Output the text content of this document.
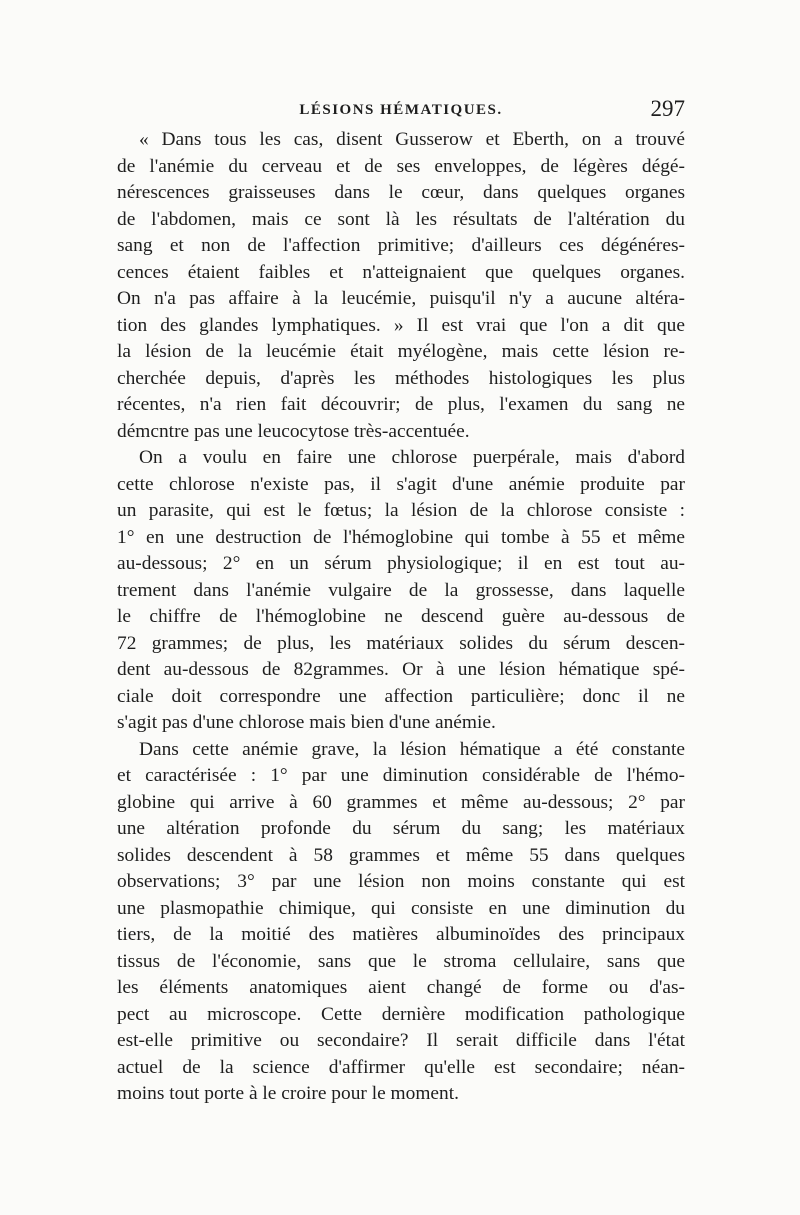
LÉSIONS HÉMATIQUES.	297
« Dans tous les cas, disent Gusserow et Eberth, on a trouvé
de l'anémie du cerveau et de ses enveloppes, de légères dégé-
nérescences graisseuses dans le cœur, dans quelques organes
de l'abdomen, mais ce sont là les résultats de l'altération du
sang et non de l'affection primitive; d'ailleurs ces dégénéres-
cences étaient faibles et n'atteignaient que quelques organes.
On n'a pas affaire à la leucémie, puisqu'il n'y a aucune altéra-
tion des glandes lymphatiques. » Il est vrai que l'on a dit que
la lésion de la leucémie était myélogène, mais cette lésion re-
cherchée depuis, d'après les méthodes histologiques les plus
récentes, n'a rien fait découvrir; de plus, l'examen du sang ne
démcntre pas une leucocytose très-accentuée.
On a voulu en faire une chlorose puerpérale, mais d'abord
cette chlorose n'existe pas, il s'agit d'une anémie produite par
un parasite, qui est le fœtus; la lésion de la chlorose consiste :
1° en une destruction de l'hémoglobine qui tombe à 55 et même
au-dessous; 2° en un sérum physiologique; il en est tout au-
trement dans l'anémie vulgaire de la grossesse, dans laquelle
le chiffre de l'hémoglobine ne descend guère au-dessous de
72 grammes; de plus, les matériaux solides du sérum descen-
dent au-dessous de 82grammes. Or à une lésion hématique spé-
ciale doit correspondre une affection particulière; donc il ne
s'agit pas d'une chlorose mais bien d'une anémie.
Dans cette anémie grave, la lésion hématique a été constante
et caractérisée : 1° par une diminution considérable de l'hémo-
globine qui arrive à 60 grammes et même au-dessous; 2° par
une altération profonde du sérum du sang; les matériaux
solides descendent à 58 grammes et même 55 dans quelques
observations; 3° par une lésion non moins constante qui est
une plasmopathie chimique, qui consiste en une diminution du
tiers, de la moitié des matières albuminoïdes des principaux
tissus de l'économie, sans que le stroma cellulaire, sans que
les éléments anatomiques aient changé de forme ou d'as-
pect au microscope. Cette dernière modification pathologique
est-elle primitive ou secondaire? Il serait difficile dans l'état
actuel de la science d'affirmer qu'elle est secondaire; néan-
moins tout porte à le croire pour le moment.
